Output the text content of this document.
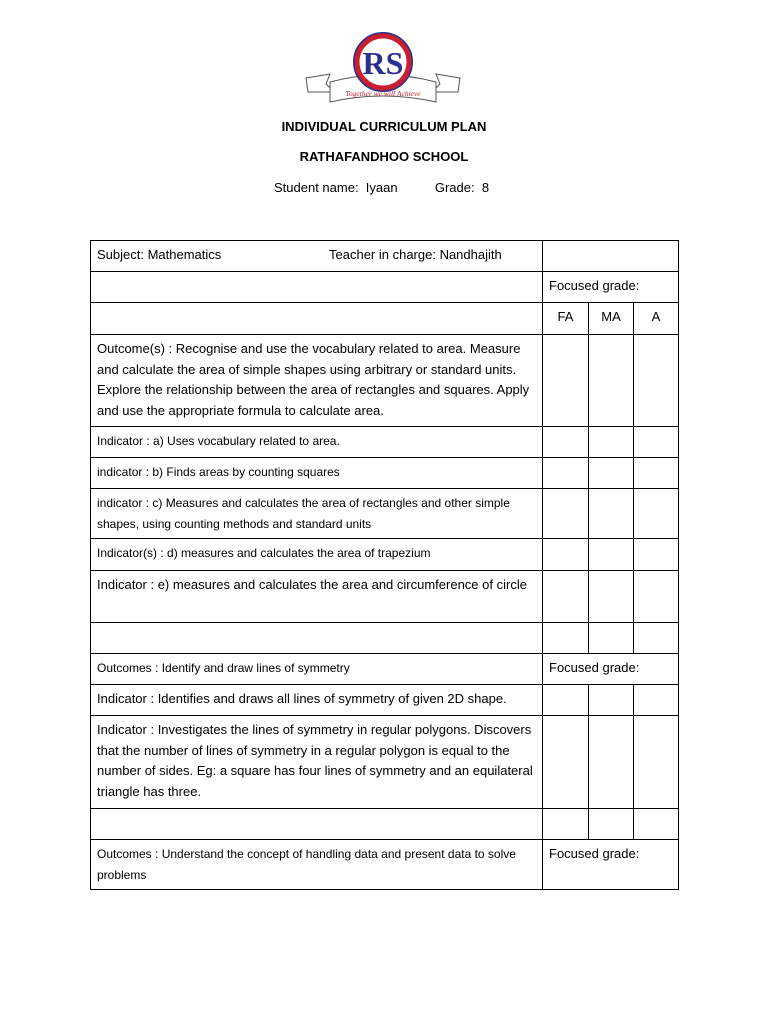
RS
Together we will Achieve
INDIVIDUAL CURRICULUM PLAN
RATHAFANDHOO SCHOOL
Student name: Iyaan	Grade: 8
Subject: Mathematics Teacher in charge: Nandhajith			
	Focused grade:		
	FA	MA	A
Outcome(s) : Recognise and use the vocabulary related to area. Measure and calculate the area of simple shapes using arbitrary or standard units. Explore the relationship between the area of rectangles and squares. Apply and use the appropriate formula to calculate area.			
Indicator : a) Uses vocabulary related to area.			
indicator : b) Finds areas by counting squares			
indicator : c) Measures and calculates the area of rectangles and other simple shapes, using counting methods and standard units			
Indicator(s) : d) measures and calculates the area of trapezium			
Indicator : e) measures and calculates the area and circumference of circle			

Outcomes : Identify and draw lines of symmetry	Focused grade:		
Indicator : Identifies and draws all lines of symmetry of given 2D shape.			
Indicator : Investigates the lines of symmetry in regular polygons. Discovers that the number of lines of symmetry in a regular polygon is equal to the number of sides. Eg: a square has four lines of symmetry and an equilateral triangle has three.			

Outcomes : Understand the concept of handling data and present data to solve problems	Focused grade:		
